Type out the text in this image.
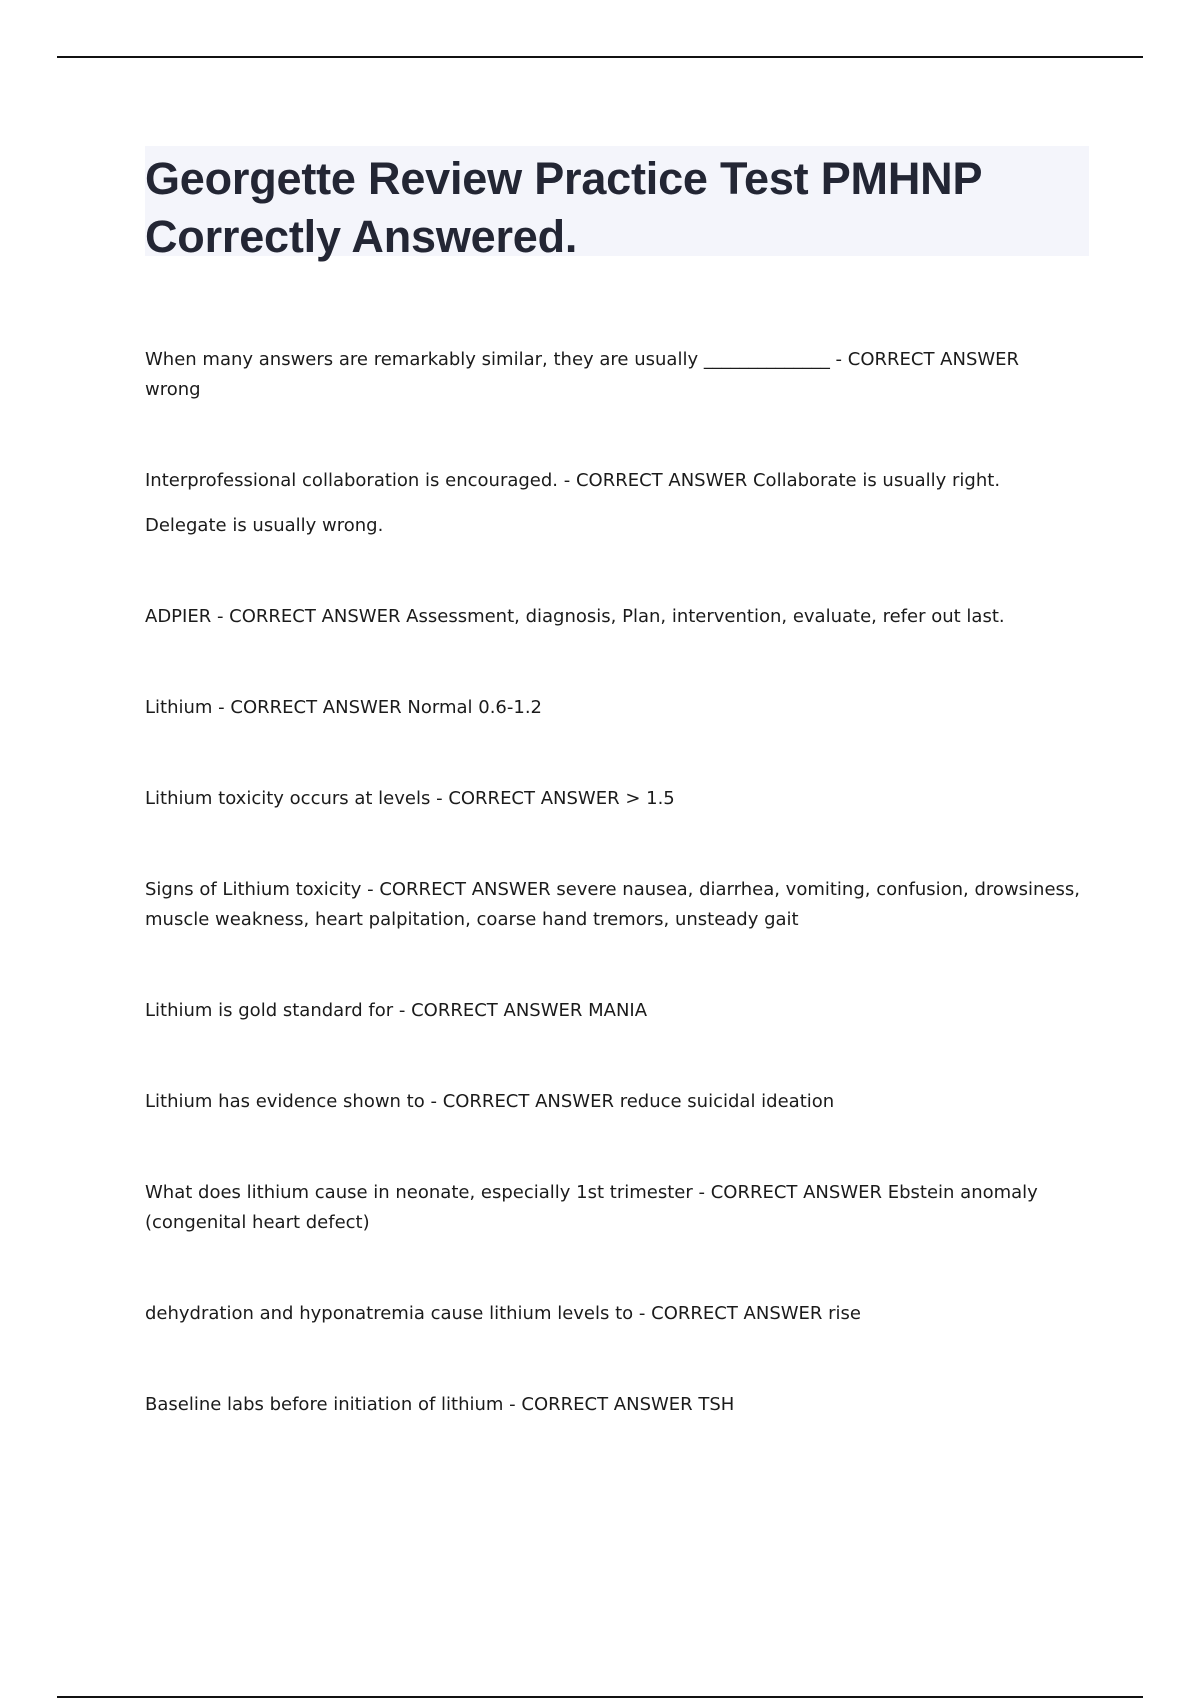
Georgette Review Practice Test PMHNP Correctly Answered.
When many answers are remarkably similar, they are usually ______________ - CORRECT ANSWER wrong
Interprofessional collaboration is encouraged. - CORRECT ANSWER Collaborate is usually right.
Delegate is usually wrong.
ADPIER - CORRECT ANSWER Assessment, diagnosis, Plan, intervention, evaluate, refer out last.
Lithium - CORRECT ANSWER Normal 0.6-1.2
Lithium toxicity occurs at levels - CORRECT ANSWER > 1.5
Signs of Lithium toxicity - CORRECT ANSWER severe nausea, diarrhea, vomiting, confusion, drowsiness, muscle weakness, heart palpitation, coarse hand tremors, unsteady gait
Lithium is gold standard for - CORRECT ANSWER MANIA
Lithium has evidence shown to - CORRECT ANSWER reduce suicidal ideation
What does lithium cause in neonate, especially 1st trimester - CORRECT ANSWER Ebstein anomaly (congenital heart defect)
dehydration and hyponatremia cause lithium levels to - CORRECT ANSWER rise
Baseline labs before initiation of lithium - CORRECT ANSWER TSH
